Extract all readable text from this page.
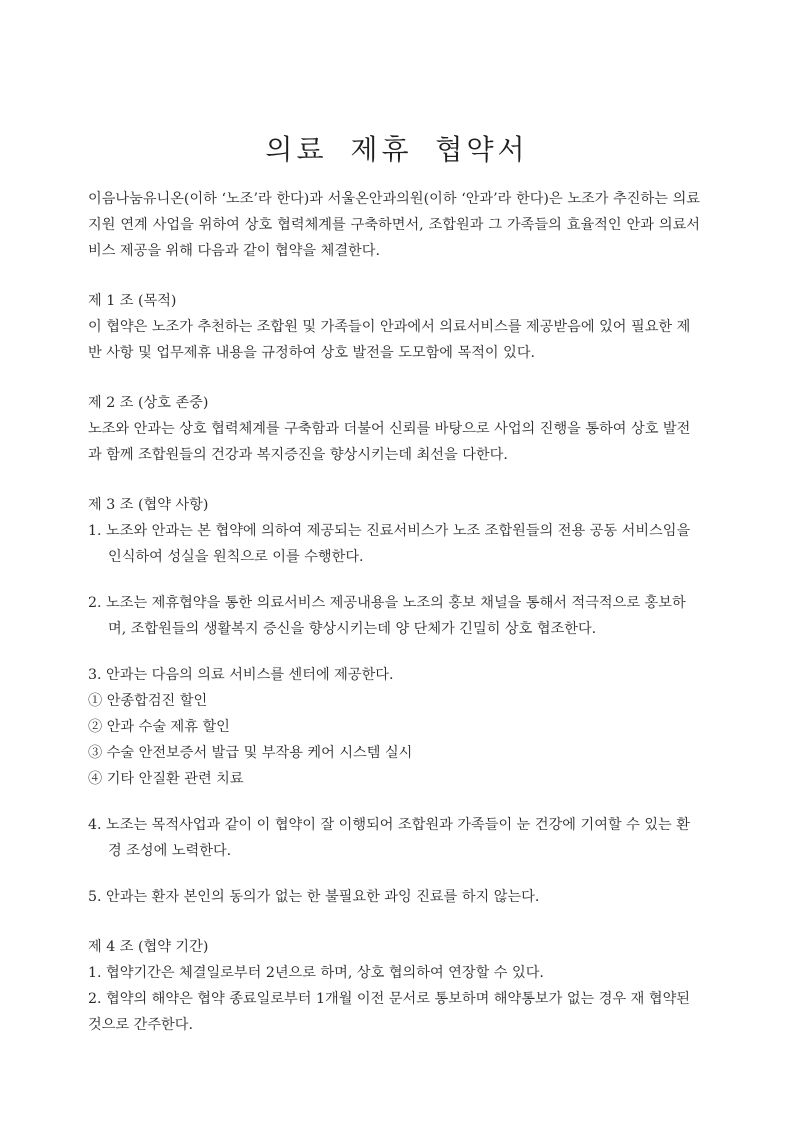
의료 제휴 협약서

이음나눔유니온(이하 ‘노조’라 한다)과 서울온안과의원(이하 ‘안과’라 한다)은 노조가 추진하는 의료지원 연계 사업을 위하여 상호 협력체계를 구축하면서, 조합원과 그 가족들의 효율적인 안과 의료서비스 제공을 위해 다음과 같이 협약을 체결한다.

제 1 조 (목적)

이 협약은 노조가 추천하는 조합원 및 가족들이 안과에서 의료서비스를 제공받음에 있어 필요한 제반 사항 및 업무제휴 내용을 규정하여 상호 발전을 도모함에 목적이 있다.

제 2 조 (상호 존중)

노조와 안과는 상호 협력체계를 구축함과 더불어 신뢰를 바탕으로 사업의 진행을 통하여 상호 발전과 함께 조합원들의 건강과 복지증진을 향상시키는데 최선을 다한다.

제 3 조 (협약 사항)

1. 노조와 안과는 본 협약에 의하여 제공되는 진료서비스가 노조 조합원들의 전용 공동 서비스임을 인식하여 성실을 원칙으로 이를 수행한다.

2. 노조는 제휴협약을 통한 의료서비스 제공내용을 노조의 홍보 채널을 통해서 적극적으로 홍보하며, 조합원들의 생활복지 증신을 향상시키는데 양 단체가 긴밀히 상호 협조한다.

3. 안과는 다음의 의료 서비스를 센터에 제공한다.

① 안종합검진 할인

② 안과 수술 제휴 할인

③ 수술 안전보증서 발급 및 부작용 케어 시스템 실시

④ 기타 안질환 관련 치료

4. 노조는 목적사업과 같이 이 협약이 잘 이행되어 조합원과 가족들이 눈 건강에 기여할 수 있는 환경 조성에 노력한다.

5. 안과는 환자 본인의 동의가 없는 한 불필요한 과잉 진료를 하지 않는다.

제 4 조 (협약 기간)

1. 협약기간은 체결일로부터 2년으로 하며, 상호 협의하여 연장할 수 있다.

2. 협약의 해약은 협약 종료일로부터 1개월 이전 문서로 통보하며 해약통보가 없는 경우 재 협약된 것으로 간주한다.
